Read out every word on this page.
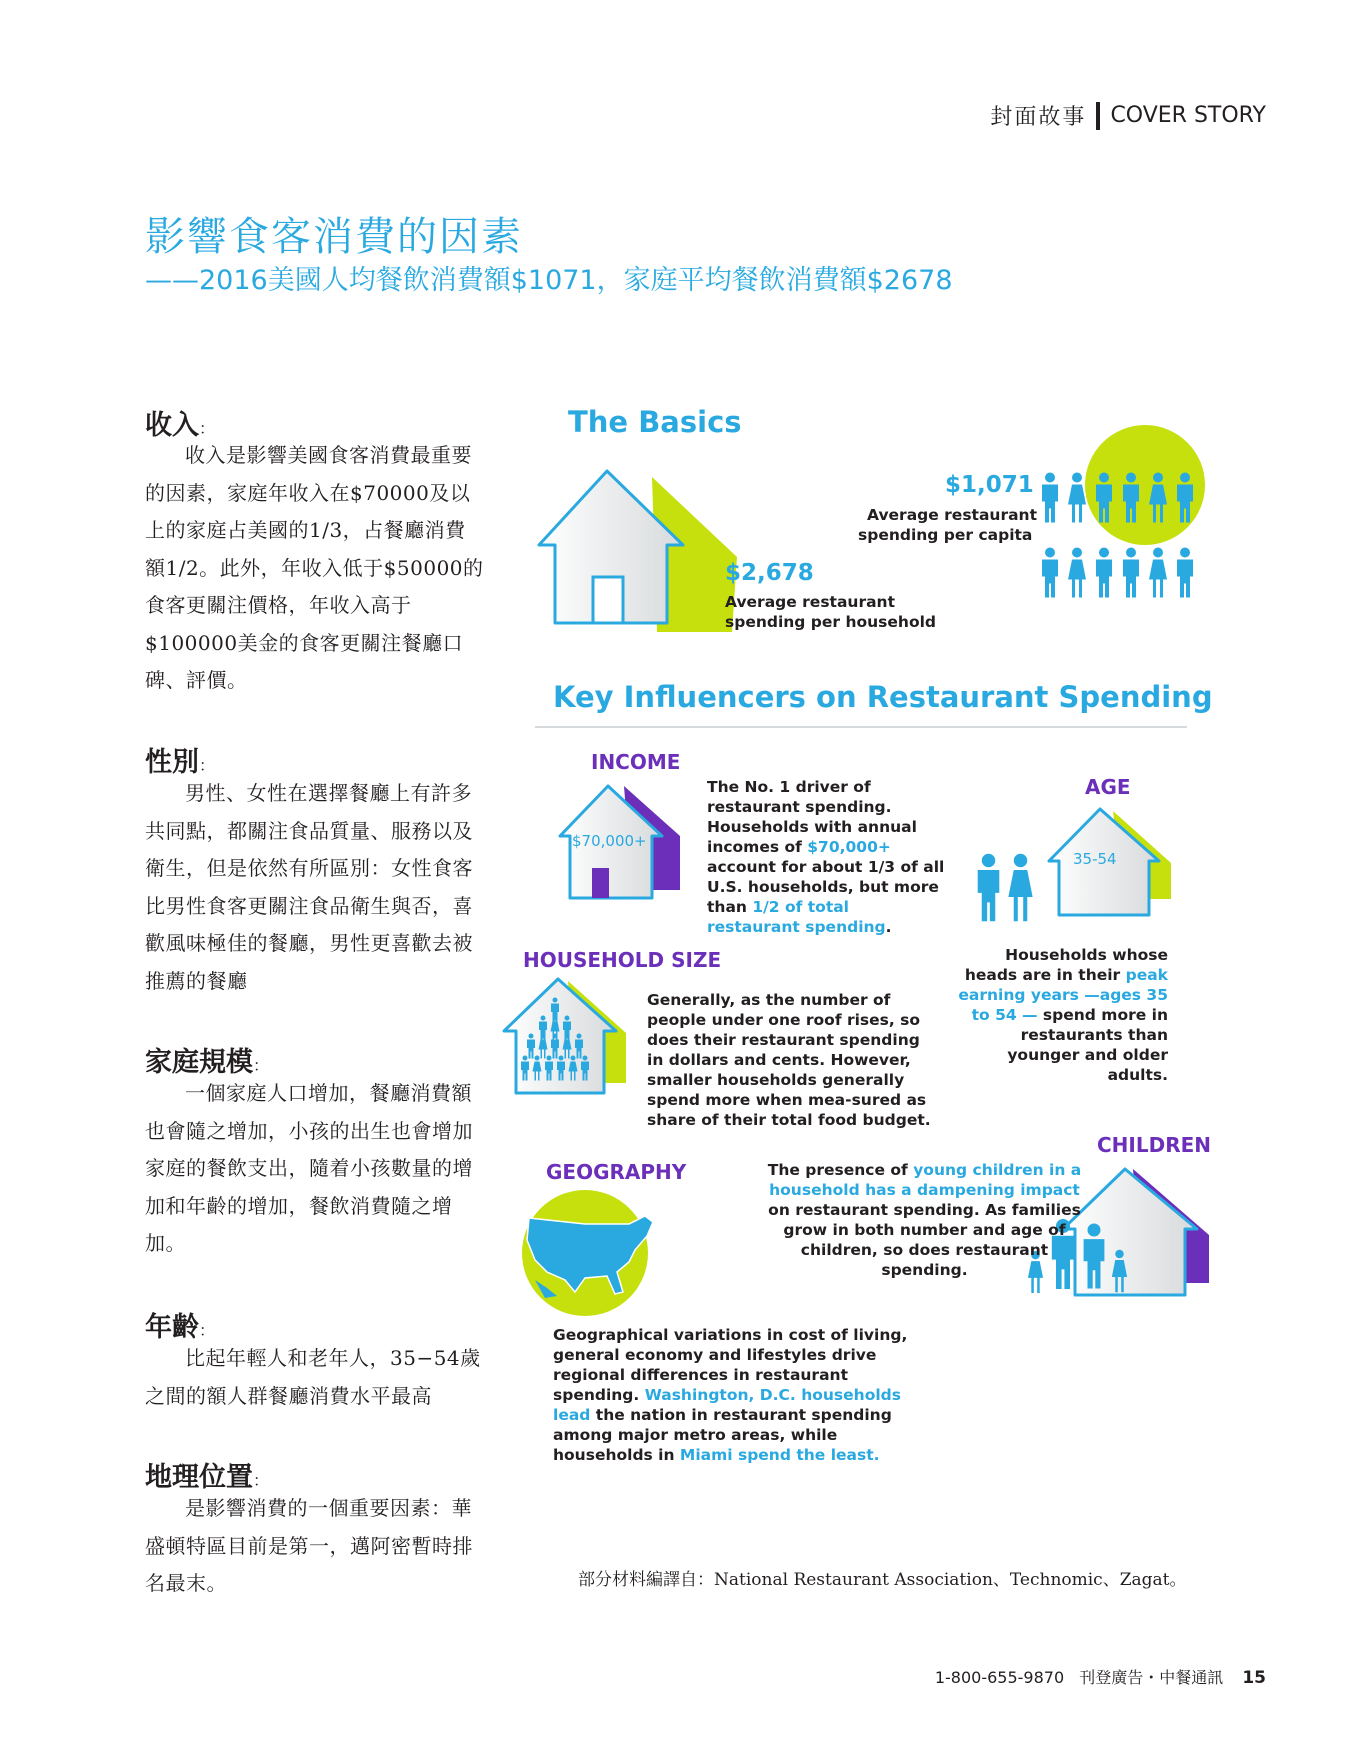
封面故事 COVER STORY
影響食客消費的因素
——2016美國人均餐飲消費額$1071，家庭平均餐飲消費額$2678
收入：
收入是影響美國食客消費最重要的因素，家庭年收入在$70000及以上的家庭占美國的1/3，占餐廳消費額1/2。此外，年收入低于$50000的食客更關注價格，年收入高于$100000美金的食客更關注餐廳口碑、評價。
性別：
男性、女性在選擇餐廳上有許多共同點，都關注食品質量、服務以及衛生，但是依然有所區別：女性食客比男性食客更關注食品衛生與否，喜歡風味極佳的餐廳，男性更喜歡去被推薦的餐廳
家庭規模：
一個家庭人口增加，餐廳消費額也會隨之增加，小孩的出生也會增加家庭的餐飲支出，隨着小孩數量的增加和年齡的增加，餐飲消費隨之增加。
年齡：
比起年輕人和老年人，35−54歲之間的額人群餐廳消費水平最高
地理位置：
是影響消費的一個重要因素：華盛頓特區目前是第一，邁阿密暫時排名最末。
The Basics
$2,678
Average restaurant
spending per household
$1,071
Average restaurant
spending per capita
Key Influencers on Restaurant Spending
INCOME
$70,000+
The No. 1 driver of restaurant spending. Households with annual incomes of $70,000+ account for about 1/3 of all U.S. households, but more than 1/2 of total restaurant spending.
AGE
35-54
Households whose heads are in their peak earning years —ages 35 to 54 — spend more in restaurants than younger and older adults.
HOUSEHOLD SIZE
Generally, as the number of people under one roof rises, so does their restaurant spending in dollars and cents. However, smaller households generally spend more when mea-sured as share of their total food budget.
CHILDREN
The presence of young children in a household has a dampening impact on restaurant spending. As families grow in both number and age of children, so does restaurant spending.
GEOGRAPHY
Geographical variations in cost of living, general economy and lifestyles drive regional differences in restaurant spending. Washington, D.C. households lead the nation in restaurant spending among major metro areas, while households in Miami spend the least.
部分材料編譯自：National Restaurant Association、Technomic、Zagat。
1-800-655-9870 刊登廣告・中餐通訊 15
